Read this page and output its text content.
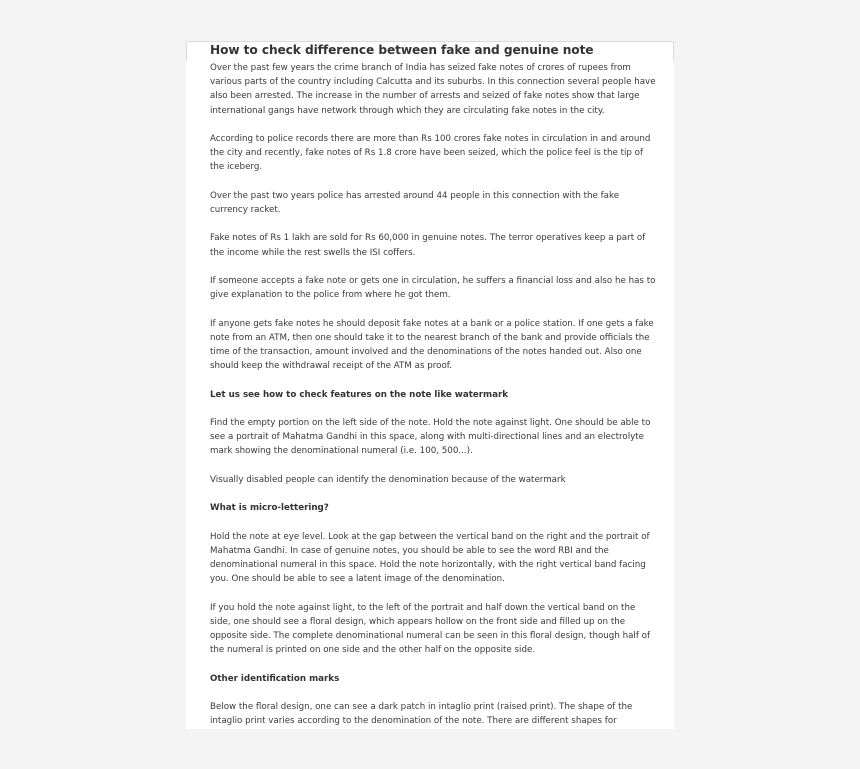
How to check difference between fake and genuine note

Over the past few years the crime branch of India has seized fake notes of crores of rupees from various parts of the country including Calcutta and its suburbs. In this connection several people have also been arrested. The increase in the number of arrests and seized of fake notes show that large international gangs have network through which they are circulating fake notes in the city.

According to police records there are more than Rs 100 crores fake notes in circulation in and around the city and recently, fake notes of Rs 1.8 crore have been seized, which the police feel is the tip of the iceberg.

Over the past two years police has arrested around 44 people in this connection with the fake currency racket.

Fake notes of Rs 1 lakh are sold for Rs 60,000 in genuine notes. The terror operatives keep a part of the income while the rest swells the ISI coffers.

If someone accepts a fake note or gets one in circulation, he suffers a financial loss and also he has to give explanation to the police from where he got them.

If anyone gets fake notes he should deposit fake notes at a bank or a police station. If one gets a fake note from an ATM, then one should take it to the nearest branch of the bank and provide officials the time of the transaction, amount involved and the denominations of the notes handed out. Also one should keep the withdrawal receipt of the ATM as proof.

Let us see how to check features on the note like watermark

Find the empty portion on the left side of the note. Hold the note against light. One should be able to see a portrait of Mahatma Gandhi in this space, along with multi-directional lines and an electrolyte mark showing the denominational numeral (i.e. 100, 500...).

Visually disabled people can identify the denomination because of the watermark

What is micro-lettering?

Hold the note at eye level. Look at the gap between the vertical band on the right and the portrait of Mahatma Gandhi. In case of genuine notes, you should be able to see the word RBI and the denominational numeral in this space. Hold the note horizontally, with the right vertical band facing you. One should be able to see a latent image of the denomination.

If you hold the note against light, to the left of the portrait and half down the vertical band on the side, one should see a floral design, which appears hollow on the front side and filled up on the opposite side. The complete denominational numeral can be seen in this floral design, though half of the numeral is printed on one side and the other half on the opposite side.

Other identification marks

Below the floral design, one can see a dark patch in intaglio print (raised print). The shape of the intaglio print varies according to the denomination of the note. There are different shapes for
